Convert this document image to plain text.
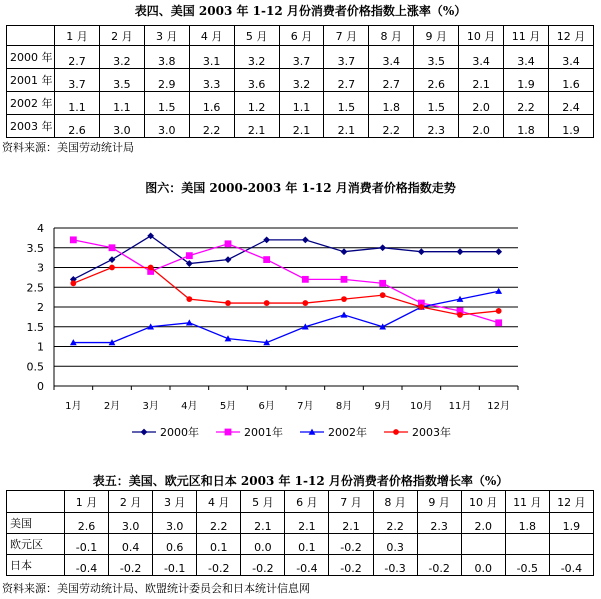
表四、美国 2003 年 1-12 月份消费者价格指数上涨率（%）
	1 月	2 月	3 月	4 月	5 月	6 月	7 月	8 月	9 月	10 月	11 月	12 月
2000 年	2.7	3.2	3.8	3.1	3.2	3.7	3.7	3.4	3.5	3.4	3.4	3.4
2001 年	3.7	3.5	2.9	3.3	3.6	3.2	2.7	2.7	2.6	2.1	1.9	1.6
2002 年	1.1	1.1	1.5	1.6	1.2	1.1	1.5	1.8	1.5	2.0	2.2	2.4
2003 年	2.6	3.0	3.0	2.2	2.1	2.1	2.1	2.2	2.3	2.0	1.8	1.9
资料来源：美国劳动统计局
图六：美国 2000-2003 年 1-12 月消费者价格指数走势
0
0.5
1
1.5
2
2.5
3
3.5
4
1月 2月 3月 4月 5月 6月 7月 8月 9月 10月 11月 12月
2000年	2001年	2002年	2003年
表五：美国、欧元区和日本 2003 年 1-12 月份消费者价格指数增长率（%）
	1 月	2 月	3 月	4 月	5 月	6 月	7 月	8 月	9 月	10 月	11 月	12 月
美国	2.6	3.0	3.0	2.2	2.1	2.1	2.1	2.2	2.3	2.0	1.8	1.9
欧元区	-0.1	0.4	0.6	0.1	0.0	0.1	-0.2	0.3				
日本	-0.4	-0.2	-0.1	-0.2	-0.2	-0.4	-0.2	-0.3	-0.2	0.0	-0.5	-0.4
资料来源：美国劳动统计局、欧盟统计委员会和日本统计信息网
